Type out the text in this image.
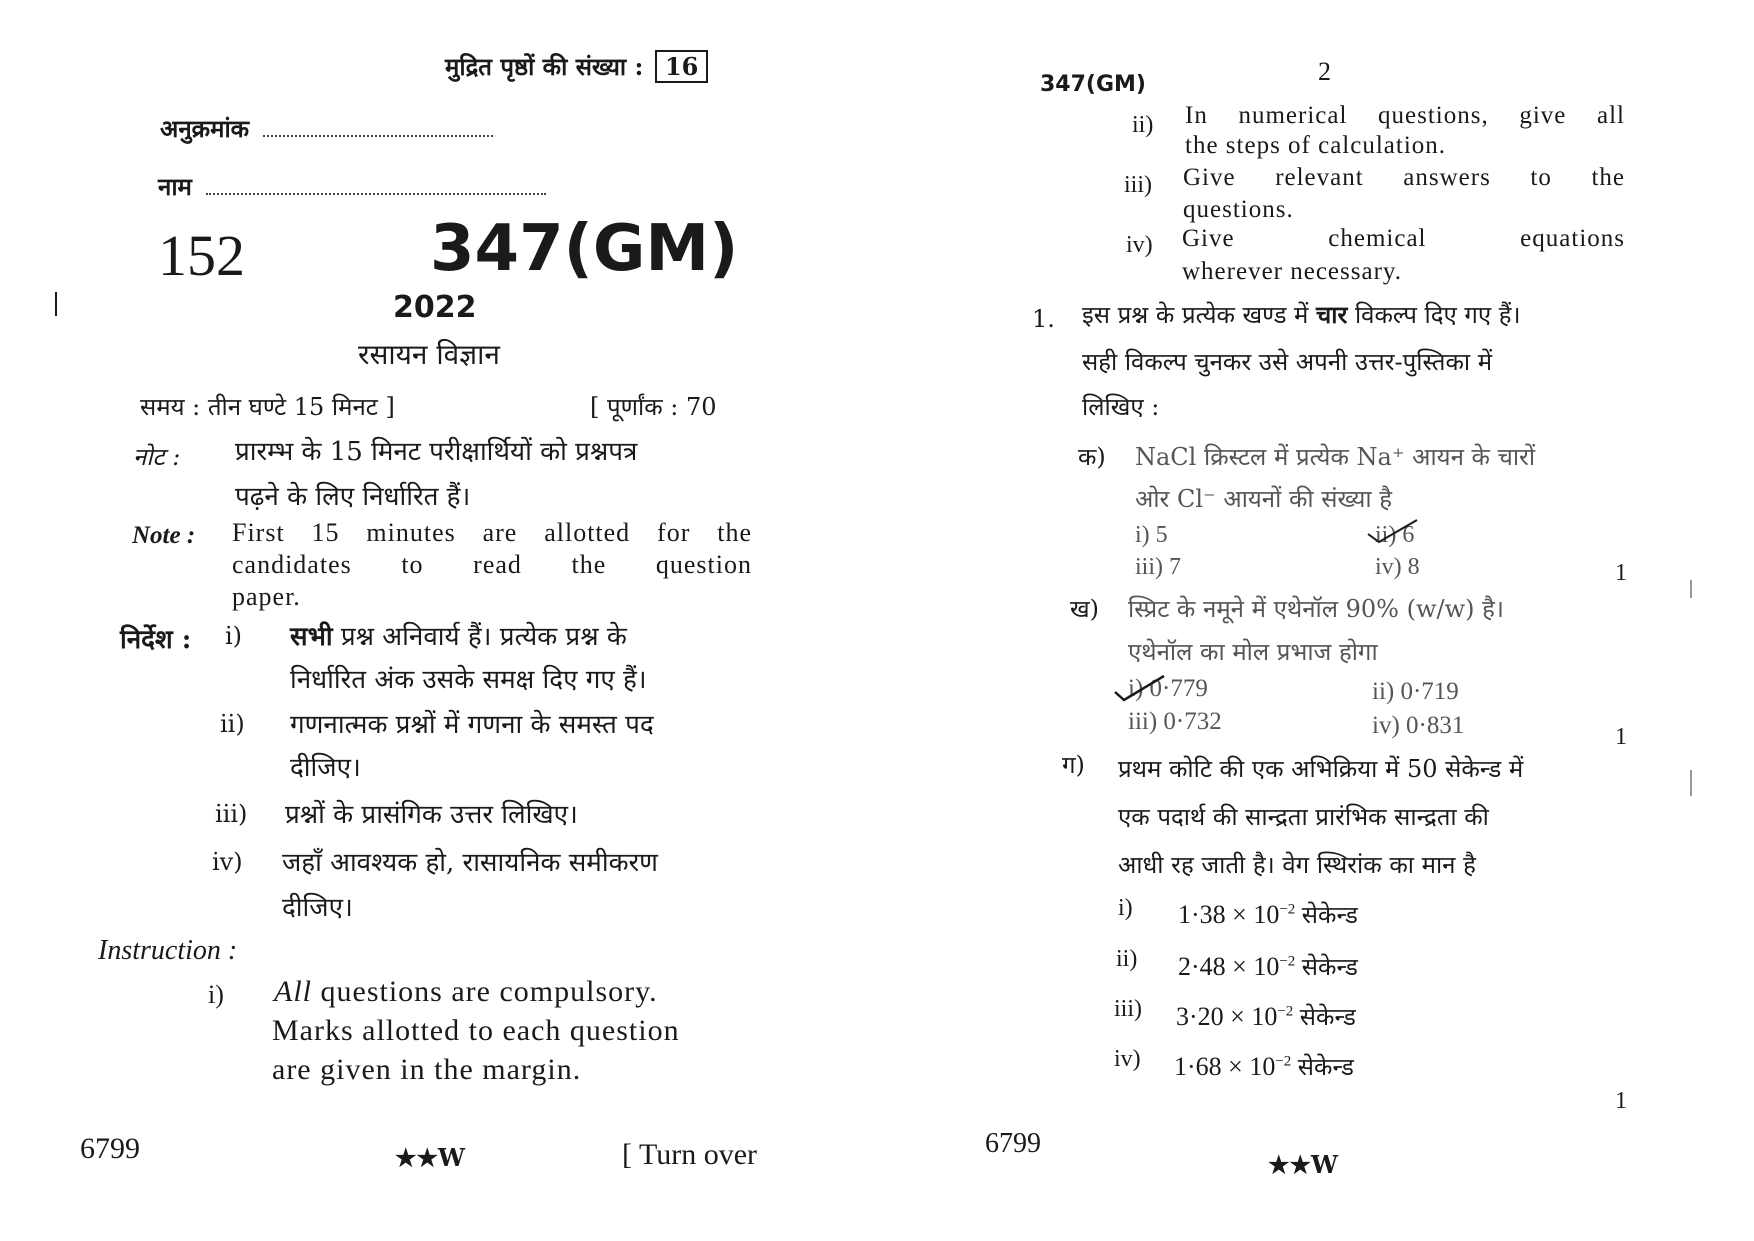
मुद्रित पृष्ठों की संख्या : 16
अनुक्रमांक
नाम
152	347(GM)
2022
रसायन विज्ञान
समय : तीन घण्टे 15 मिनट ]	[ पूर्णांक : 70
नोट : प्रारम्भ के 15 मिनट परीक्षार्थियों को प्रश्नपत्र
पढ़ने के लिए निर्धारित हैं।
Note : First 15 minutes are allotted for the
candidates to read the question
paper.
निर्देश : i) सभी प्रश्न अनिवार्य हैं। प्रत्येक प्रश्न के
निर्धारित अंक उसके समक्ष दिए गए हैं।
ii) गणनात्मक प्रश्नों में गणना के समस्त पद
दीजिए।
iii) प्रश्नों के प्रासंगिक उत्तर लिखिए।
iv) जहाँ आवश्यक हो, रासायनिक समीकरण
दीजिए।
Instruction :
i) All questions are compulsory.
Marks allotted to each question
are given in the margin.
6799	★★W	[ Turn over
347(GM)	2
ii) In numerical questions, give all
the steps of calculation.
iii) Give relevant answers to the
questions.
iv) Give chemical equations
wherever necessary.
1. इस प्रश्न के प्रत्येक खण्ड में चार विकल्प दिए गए हैं।
सही विकल्प चुनकर उसे अपनी उत्तर-पुस्तिका में
लिखिए :
क) NaCl क्रिस्टल में प्रत्येक Na⁺ आयन के चारों
ओर Cl⁻ आयनों की संख्या है
i) 5	ii) 6
iii) 7	iv) 8	1
ख) स्प्रिट के नमूने में एथेनॉल 90% (w/w) है।
एथेनॉल का मोल प्रभाज होगा
i) 0·779	ii) 0·719
iii) 0·732	iv) 0·831	1
ग) प्रथम कोटि की एक अभिक्रिया में 50 सेकेन्ड में
एक पदार्थ की सान्द्रता प्रारंभिक सान्द्रता की
आधी रह जाती है। वेग स्थिरांक का मान है
i) $1\cdot 38 \times 10^{-2}$ सेकेन्ड
ii) $2\cdot 48 \times 10^{-2}$ सेकेन्ड
iii) $3\cdot 20 \times 10^{-2}$ सेकेन्ड
iv) $1\cdot 68 \times 10^{-2}$ सेकेन्ड
1
6799
★★W
